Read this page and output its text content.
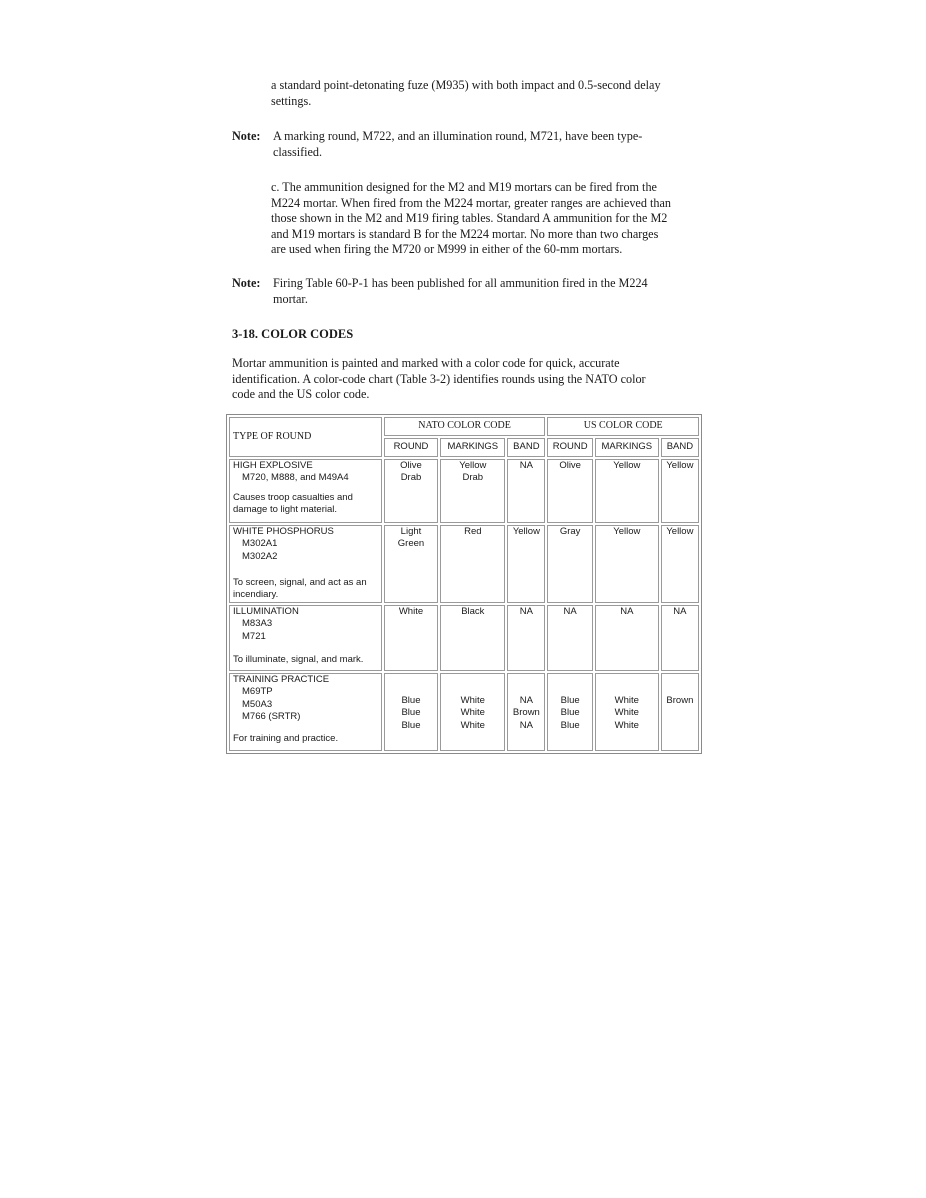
a standard point-detonating fuze (M935) with both impact and 0.5-second delay
settings.

Note: A marking round, M722, and an illumination round, M721, have been type-
classified.

c. The ammunition designed for the M2 and M19 mortars can be fired from the
M224 mortar. When fired from the M224 mortar, greater ranges are achieved than
those shown in the M2 and M19 firing tables. Standard A ammunition for the M2
and M19 mortars is standard B for the M224 mortar. No more than two charges
are used when firing the M720 or M999 in either of the 60-mm mortars.

Note: Firing Table 60-P-1 has been published for all ammunition fired in the M224
mortar.

3-18. COLOR CODES

Mortar ammunition is painted and marked with a color code for quick, accurate
identification. A color-code chart (Table 3-2) identifies rounds using the NATO color
code and the US color code.

TYPE OF ROUND	NATO COLOR CODE			US COLOR CODE		
	ROUND	MARKINGS	BAND	ROUND	MARKINGS	BAND

HIGH EXPLOSIVE
M720, M888, and M49A4
Causes troop casualties and
damage to light material.	Olive
Drab	Yellow
Drab	NA	Olive	Yellow	Yellow

WHITE PHOSPHORUS
M302A1
M302A2
To screen, signal, and act as an
incendiary.	Light
Green	Red	Yellow	Gray	Yellow	Yellow

ILLUMINATION
M83A3
M721
To illuminate, signal, and mark.	White	Black	NA	NA	NA	NA

TRAINING PRACTICE
M69TP
M50A3
M766 (SRTR)
For training and practice.	Blue
Blue
Blue	White
White
White	NA
Brown
NA	Blue
Blue
Blue	White
White
White	Brown
